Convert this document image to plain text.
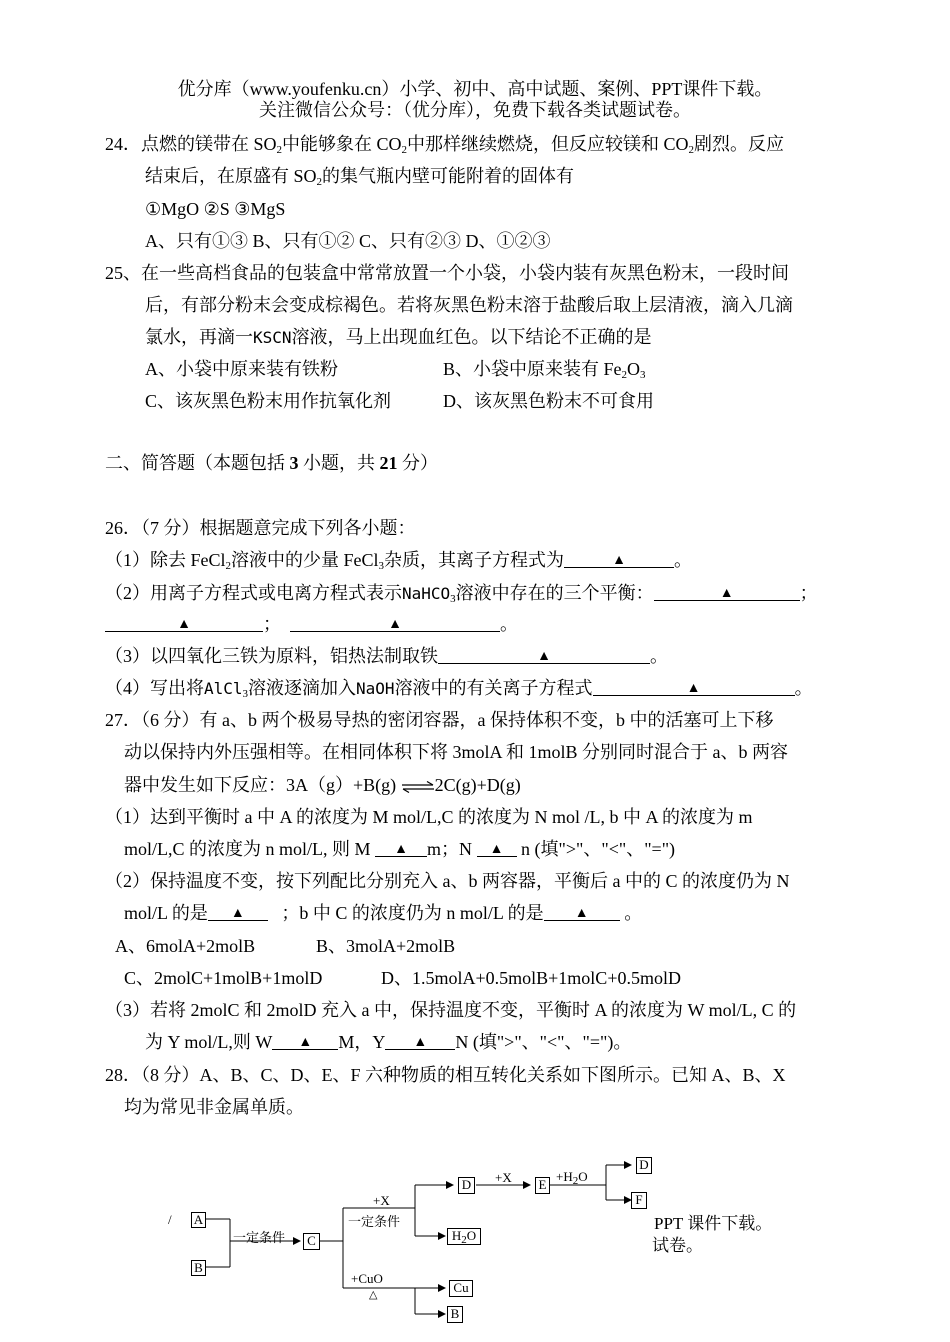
优分库（www.youfenku.cn）小学、初中、高中试题、案例、PPT课件下载。
关注微信公众号：（优分库），免费下载各类试题试卷。
24．点燃的镁带在 $SO_2$中能够象在 $CO_2$中那样继续燃烧，但反应较镁和 $CO_2$剧烈。反应
结束后，在原盛有 $SO_2$的集气瓶内壁可能附着的固体有
①MgO ②S ③MgS
A、只有①③ B、只有①② C、只有②③ D、①②③
25、在一些高档食品的包装盒中常常放置一个小袋，小袋内装有灰黑色粉末，一段时间
后，有部分粉末会变成棕褐色。若将灰黑色粉末溶于盐酸后取上层清液，滴入几滴
氯水，再滴一KSCN溶液，马上出现血红色。以下结论不正确的是
A、小袋中原来装有铁粉	B、小袋中原来装有 $Fe_2O_3$
C、该灰黑色粉末用作抗氧化剂	D、该灰黑色粉末不可食用
二、简答题（本题包括 3 小题，共 21 分）
26．（7 分）根据题意完成下列各小题：
（1）除去 FeCl$_2$溶液中的少量 FeCl$_3$杂质，其离子方程式为	▲	。
（2）用离子方程式或电离方程式表示NaHCO$_3$溶液中存在的三个平衡：	▲	；
▲	；	▲	。
（3）以四氧化三铁为原料，铝热法制取铁	▲	。
（4）写出将AlCl$_3$溶液逐滴加入NaOH溶液中的有关离子方程式	▲	。
27．（6 分）有 a、b 两个极易导热的密闭容器，a 保持体积不变，b 中的活塞可上下移
动以保持内外压强相等。在相同体积下将 3molA 和 1molB 分别同时混合于 a、b 两容
器中发生如下反应：3A（g）+B(g) ⇌2C(g)+D(g)
（1）达到平衡时 a 中 A 的浓度为 M mol/L,C 的浓度为 N mol /L, b 中 A 的浓度为 m
mol/L,C 的浓度为 n mol/L, 则 M ▲ m；N ▲ n (填">"、"<"、"=")
（2）保持温度不变，按下列配比分别充入 a、b 两容器，平衡后 a 中的 C 的浓度仍为 N
mol/L 的是 ▲ ；b 中 C 的浓度仍为 n mol/L 的是 ▲ 。
A、6molA+2molB	B、3molA+2molB
C、2molC+1molB+1molD	D、1.5molA+0.5molB+1molC+0.5molD
（3）若将 2molC 和 2molD 充入 a 中，保持温度不变，平衡时 A 的浓度为 W mol/L, C 的
为 Y mol/L,则 W ▲ M，Y ▲ N (填">"、"<"、"=")。
28．（8 分）A、B、C、D、E、F 六种物质的相互转化关系如下图所示。已知 A、B、X
均为常见非金属单质。
/ A
B
一定条件	C
+X
一定条件
D
$H_2O$
+CuO
△	Cu
B
+X E
$+H_2O$
D
F
PPT 课件下载。
试卷。
